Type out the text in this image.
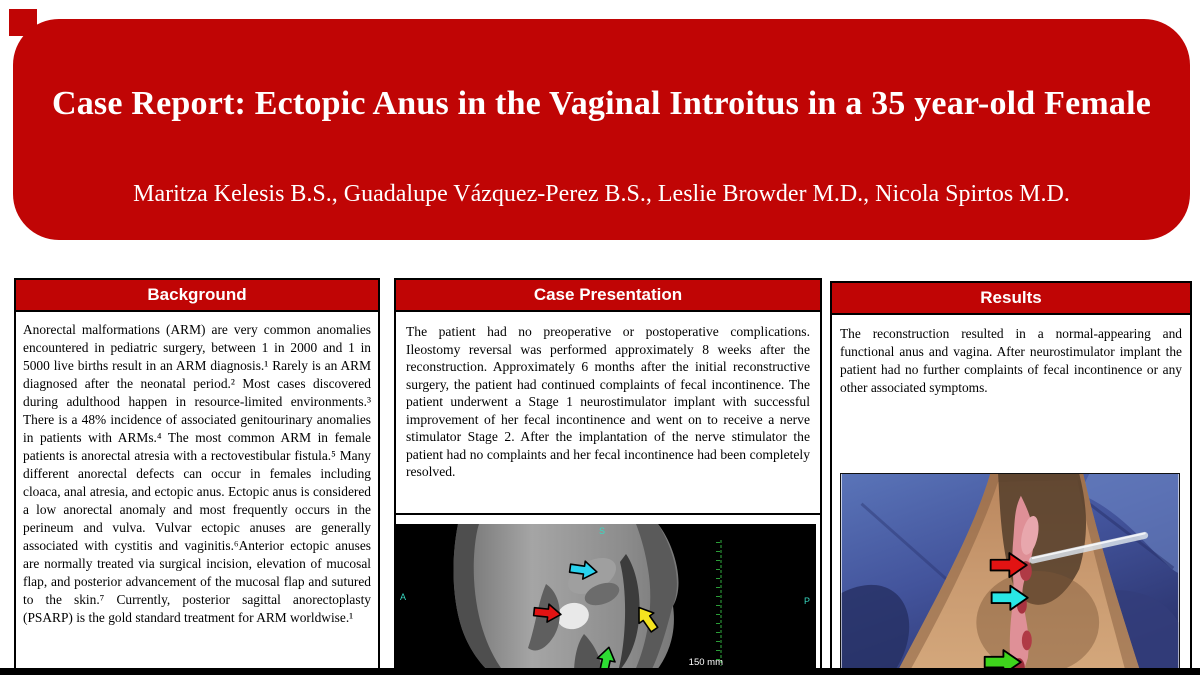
Case Report: Ectopic Anus in the Vaginal Introitus in a 35 year-old Female
Maritza Kelesis B.S., Guadalupe Vázquez-Perez B.S., Leslie Browder M.D., Nicola Spirtos M.D.
Background
Anorectal malformations (ARM) are very common anomalies encountered in pediatric surgery, between 1 in 2000 and 1 in 5000 live births result in an ARM diagnosis.¹ Rarely is an ARM diagnosed after the neonatal period.² Most cases discovered during adulthood happen in resource-limited environments.³ There is a 48% incidence of associated genitourinary anomalies in patients with ARMs.⁴ The most common ARM in female patients is anorectal atresia with a rectovestibular fistula.⁵ Many different anorectal defects can occur in females including cloaca, anal atresia, and ectopic anus. Ectopic anus is considered a low anorectal anomaly and most frequently occurs in the perineum and vulva. Vulvar ectopic anuses are generally associated with cystitis and vaginitis.⁶Anterior ectopic anuses are normally treated via surgical incision, elevation of mucosal flap, and posterior advancement of the mucosal flap and sutured to the skin.⁷ Currently, posterior sagittal anorectoplasty (PSARP) is the gold standard treatment for ARM worldwise.¹
Case Presentation
The patient had no preoperative or postoperative complications. Ileostomy reversal was performed approximately 8 weeks after the reconstruction. Approximately 6 months after the initial reconstructive surgery, the patient had continued complaints of fecal incontinence. The patient underwent a Stage 1 neurostimulator implant with successful improvement of her fecal incontinence and went on to receive a nerve stimulator Stage 2. After the implantation of the nerve stimulator the patient had no complaints and her fecal incontinence had been completely resolved.
S
A	P
150 mm
Results
The reconstruction resulted in a normal-appearing and functional anus and vagina. After neurostimulator implant the patient had no further complaints of fecal incontinence or any other associated symptoms.
